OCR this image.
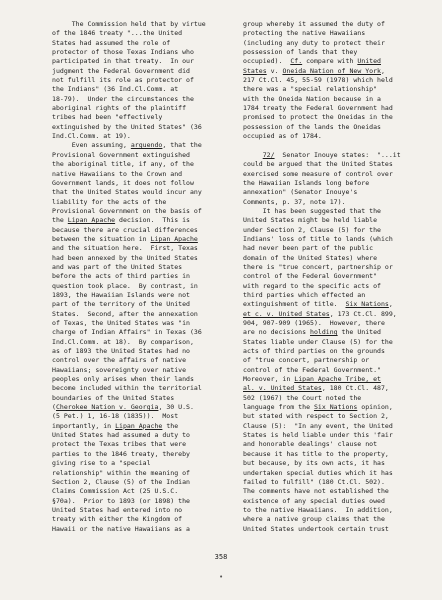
The Commission held that by virtue
of the 1846 treaty "...the United
States had assumed the role of
protector of those Texas Indians who
participated in that treaty.  In our
judgment the Federal Government did
not fulfill its role as protector of
the Indians" (36 Ind.Cl.Comm. at
18-79).  Under the circumstances the
aboriginal rights of the plaintiff
tribes had been "effectively
extinguished by the United States" (36
Ind.Cl.Comm. at 19).
Even assuming, arguendo, that the
Provisional Government extinguished
the aboriginal title, if any, of the
native Hawaiians to the Crown and
Government lands, it does not follow
that the United States would incur any
liability for the acts of the
Provisional Government on the basis of
the Lipan Apache decision.  This is
because there are crucial differences
between the situation in Lipan Apache
and the situation here.  First, Texas
had been annexed by the United States
and was part of the United States
before the acts of third parties in
question took place.  By contrast, in
1893, the Hawaiian Islands were not
part of the territory of the United
States.  Second, after the annexation
of Texas, the United States was "in
charge of Indian Affairs" in Texas (36
Ind.Cl.Comm. at 18).  By comparison,
as of 1893 the United States had no
control over the affairs of native
Hawaiians; sovereignty over native
peoples only arises when their lands
become included within the territorial
boundaries of the United States
(Cherokee Nation v. Georgia, 30 U.S.
(5 Pet.) 1, 16-18 (1835)).  Most
importantly, in Lipan Apache the
United States had assumed a duty to
protect the Texas tribes that were
parties to the 1846 treaty, thereby
giving rise to a "special
relationship" within the meaning of
Section 2, Clause (5) of the Indian
Claims Commission Act (25 U.S.C.
§70a).  Prior to 1893 (or 1898) the
United States had entered into no
treaty with either the Kingdom of
Hawaii or the native Hawaiians as a
group whereby it assumed the duty of
protecting the native Hawaiians
(including any duty to protect their
possession of lands that they
occupied).  Cf. compare with United
States v. Oneida Nation of New York,
217 Ct.Cl. 45, 55-59 (1978) which held
there was a "special relationship"
with the Oneida Nation because in a
1784 treaty the Federal Government had
promised to protect the Oneidas in the
possession of the lands the Oneidas
occupied as of 1784.
72/  Senator Inouye states:  "...it
could be argued that the United States
exercised some measure of control over
the Hawaiian Islands long before
annexation" (Senator Inouye's
Comments, p. 37, note 17).
It has been suggested that the
United States might be held liable
under Section 2, Clause (5) for the
Indians' loss of title to lands (which
had never been part of the public
domain of the United States) where
there is "true concert, partnership or
control of the Federal Government"
with regard to the specific acts of
third parties which effected an
extinguishment of title.  Six Nations,
et c. v. United States, 173 Ct.Cl. 899,
904, 907-909 (1965).  However, there
are no decisions holding the United
States liable under Clause (5) for the
acts of third parties on the grounds
of "true concert, partnership or
control of the Federal Government."
Moreover, in Lipan Apache Tribe, et
al. v. United States, 180 Ct.Cl. 487,
502 (1967) the Court noted the
language from the Six Nations opinion,
but stated with respect to Section 2,
Clause (5):  "In any event, the United
States is held liable under this 'fair
and honorable dealings' clause not
because it has title to the property,
but because, by its own acts, it has
undertaken special duties which it has
failed to fulfill" (180 Ct.Cl. 502).
The comments have not established the
existence of any special duties owed
to the native Hawaiians.  In addition,
where a native group claims that the
United States undertook certain trust
358
•
